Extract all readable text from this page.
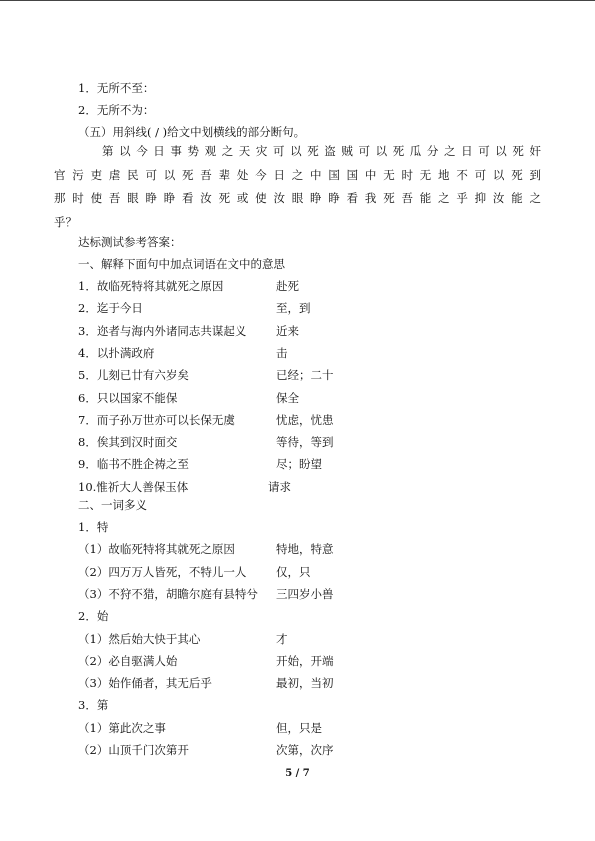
1．无所不至：
2．无所不为：
（五）用斜线( / )给文中划横线的部分断句。
第以今日事势观之天灾可以死盗贼可以死瓜分之日可以死奸
官污吏虐民可以死吾辈处今日之中国国中无时无地不可以死到
那时使吾眼睁睁看汝死或使汝眼睁睁看我死吾能之乎抑汝能之
乎？
达标测试参考答案：
一、解释下面句中加点词语在文中的意思
1．故临死特将其就死之原因	赴死
2．迄于今日	至，到
3．迩者与海内外诸同志共谋起义	近来
4．以扑满政府	击
5．儿刻已廿有六岁矣	已经；二十
6．只以国家不能保	保全
7．而子孙万世亦可以长保无虞	忧虑，忧患
8．俟其到汉时面交	等待，等到
9．临书不胜企祷之至	尽；盼望
10.惟祈大人善保玉体	请求
二、一词多义
1．特
（1）故临死特将其就死之原因	特地，特意
（2）四万万人皆死，不特儿一人	仅，只
（3）不狩不猎，胡瞻尔庭有县特兮 三四岁小兽
2．始
（1）然后始大快于其心	才
（2）必自驱满人始	开始，开端
（3）始作俑者，其无后乎	最初，当初
3．第
（1）第此次之事	但，只是
（2）山顶千门次第开	次第，次序
5 / 7
